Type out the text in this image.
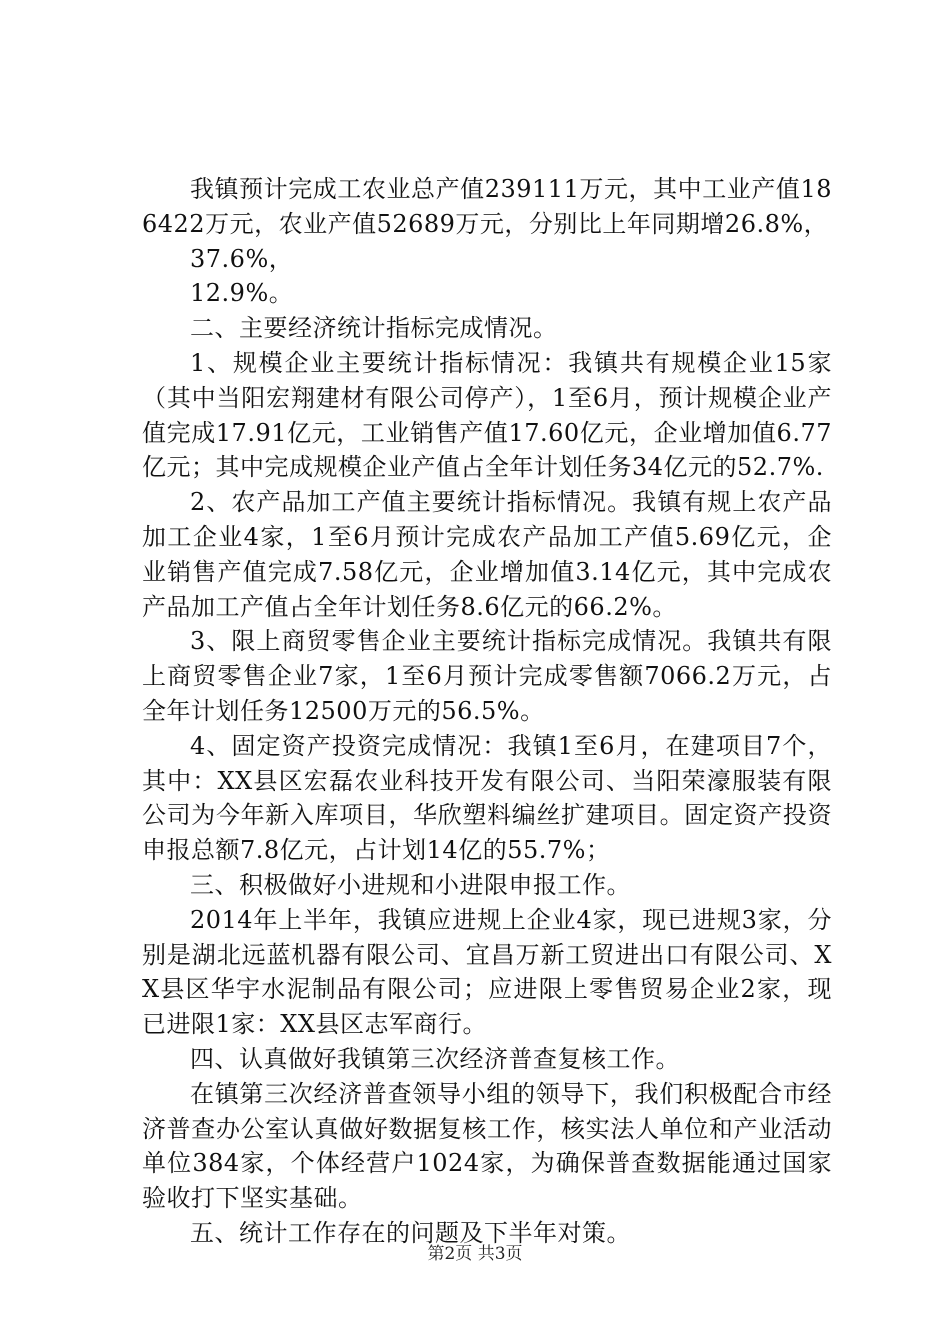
我镇预计完成工农业总产值239111万元，其中工业产值186422万元，农业产值52689万元，分别比上年同期增26.8%，

37.6%，

12.9%。

二、主要经济统计指标完成情况。

1、规模企业主要统计指标情况：我镇共有规模企业15家（其中当阳宏翔建材有限公司停产），1至6月，预计规模企业产值完成17.91亿元，工业销售产值17.60亿元，企业增加值6.77亿元；其中完成规模企业产值占全年计划任务34亿元的52.7%.

2、农产品加工产值主要统计指标情况。我镇有规上农产品加工企业4家，1至6月预计完成农产品加工产值5.69亿元，企业销售产值完成7.58亿元，企业增加值3.14亿元，其中完成农产品加工产值占全年计划任务8.6亿元的66.2%。

3、限上商贸零售企业主要统计指标完成情况。我镇共有限上商贸零售企业7家，1至6月预计完成零售额7066.2万元，占全年计划任务12500万元的56.5%。

4、固定资产投资完成情况：我镇1至6月，在建项目7个，其中：XX县区宏磊农业科技开发有限公司、当阳荣濠服装有限公司为今年新入库项目，华欣塑料编丝扩建项目。固定资产投资申报总额7.8亿元，占计划14亿的55.7%；

三、积极做好小进规和小进限申报工作。

2014年上半年，我镇应进规上企业4家，现已进规3家，分别是湖北远蓝机器有限公司、宜昌万新工贸进出口有限公司、XX县区华宇水泥制品有限公司；应进限上零售贸易企业2家，现已进限1家：XX县区志军商行。

四、认真做好我镇第三次经济普查复核工作。

在镇第三次经济普查领导小组的领导下，我们积极配合市经济普查办公室认真做好数据复核工作，核实法人单位和产业活动单位384家，个体经营户1024家，为确保普查数据能通过国家验收打下坚实基础。

五、统计工作存在的问题及下半年对策。

第2页 共3页
